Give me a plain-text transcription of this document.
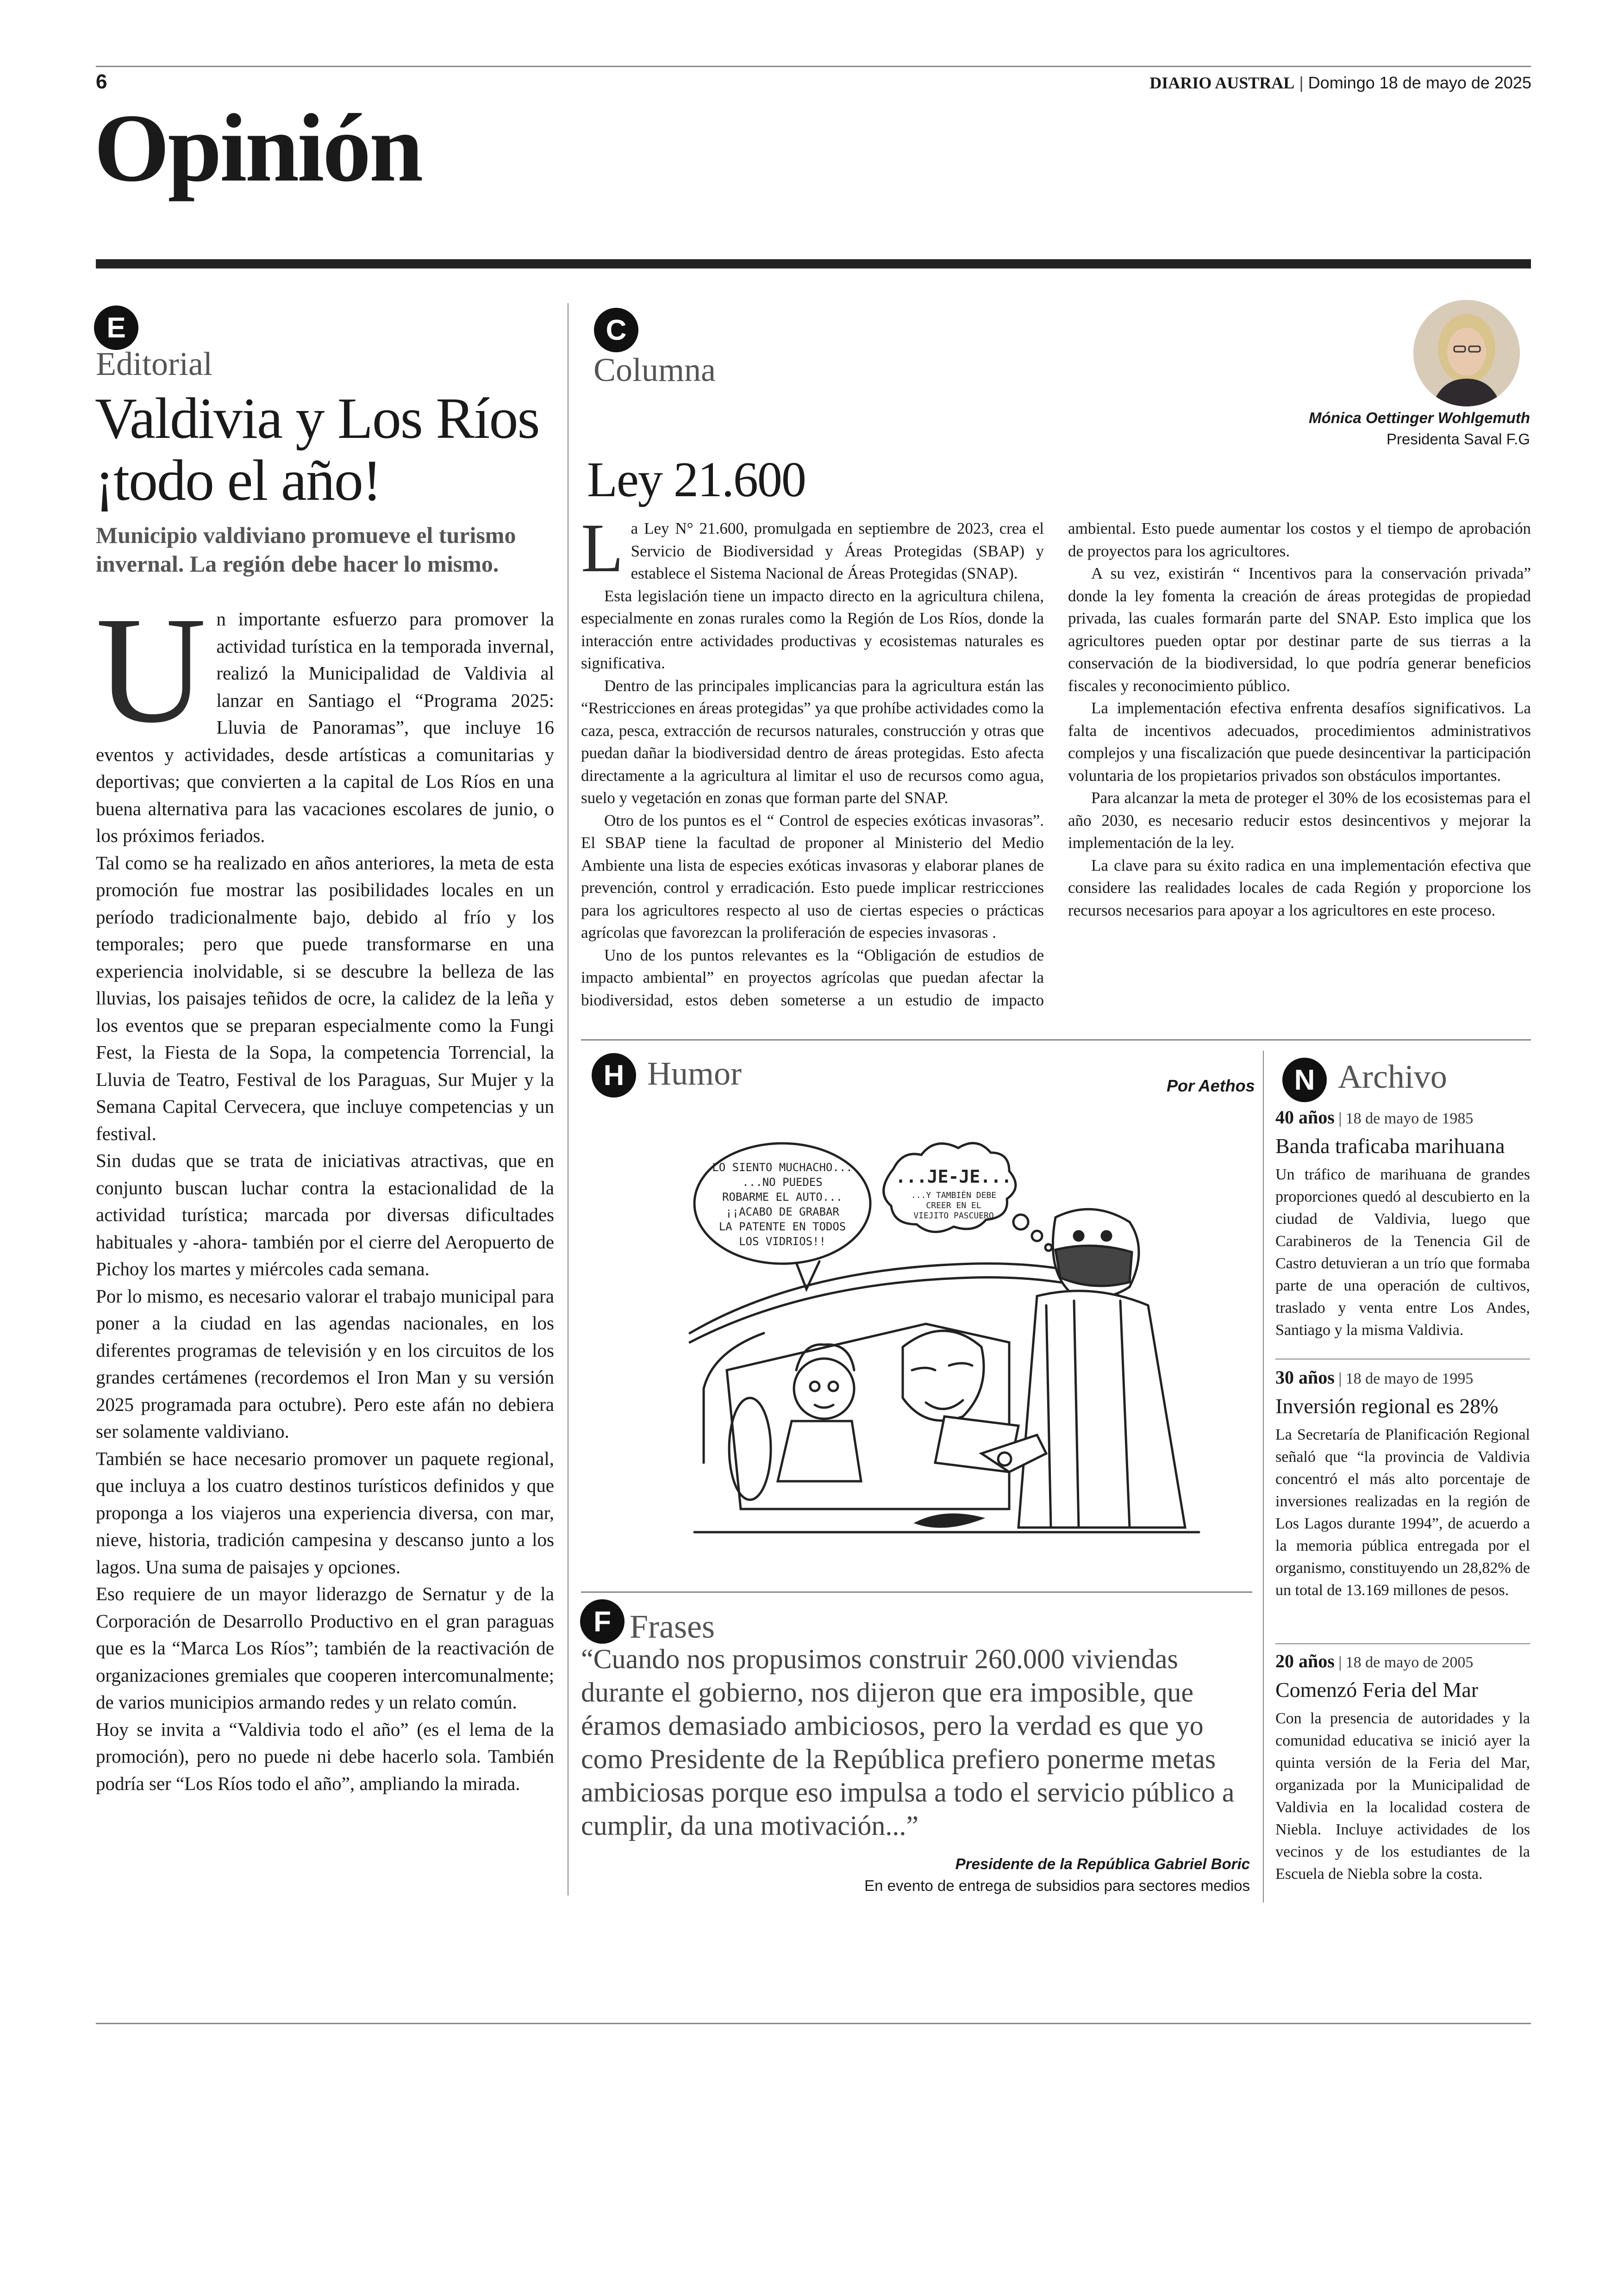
6	DIARIO AUSTRAL | Domingo 18 de mayo de 2025
Opinión
E
Editorial
Valdivia y Los Ríos
¡todo el año!
Municipio valdiviano promueve el turismo invernal. La región debe hacer lo mismo.
U n importante esfuerzo para promover la actividad turística en la temporada invernal, realizó la Municipalidad de Valdivia al lanzar en Santiago el “Programa 2025: Lluvia de Panoramas”, que incluye 16 eventos y actividades, desde artísticas a comunitarias y deportivas; que convierten a la capital de Los Ríos en una buena alternativa para las vacaciones escolares de junio, o los próximos feriados.

Tal como se ha realizado en años anteriores, la meta de esta promoción fue mostrar las posibilidades locales en un período tradicionalmente bajo, debido al frío y los temporales; pero que puede transformarse en una experiencia inolvidable, si se descubre la belleza de las lluvias, los paisajes teñidos de ocre, la calidez de la leña y los eventos que se preparan especialmente como la Fungi Fest, la Fiesta de la Sopa, la competencia Torrencial, la Lluvia de Teatro, Festival de los Paraguas, Sur Mujer y la Semana Capital Cervecera, que incluye competencias y un festival.

Sin dudas que se trata de iniciativas atractivas, que en conjunto buscan luchar contra la estacionalidad de la actividad turística; marcada por diversas dificultades habituales y -ahora- también por el cierre del Aeropuerto de Pichoy los martes y miércoles cada semana.

Por lo mismo, es necesario valorar el trabajo municipal para poner a la ciudad en las agendas nacionales, en los diferentes programas de televisión y en los circuitos de los grandes certámenes (recordemos el Iron Man y su versión 2025 programada para octubre). Pero este afán no debiera ser solamente valdiviano.

También se hace necesario promover un paquete regional, que incluya a los cuatro destinos turísticos definidos y que proponga a los viajeros una experiencia diversa, con mar, nieve, historia, tradición campesina y descanso junto a los lagos. Una suma de paisajes y opciones.

Eso requiere de un mayor liderazgo de Sernatur y de la Corporación de Desarrollo Productivo en el gran paraguas que es la “Marca Los Ríos”; también de la reactivación de organizaciones gremiales que cooperen intercomunalmente; de varios municipios armando redes y un relato común.

Hoy se invita a “Valdivia todo el año” (es el lema de la promoción), pero no puede ni debe hacerlo sola. También podría ser “Los Ríos todo el año”, ampliando la mirada.

C
Columna
Ley 21.600
Mónica Oettinger Wohlgemuth
Presidenta Saval F.G

La Ley N° 21.600, promulgada en septiembre de 2023, crea el Servicio de Biodiversidad y Áreas Protegidas (SBAP) y establece el Sistema Nacional de Áreas Protegidas (SNAP).

Esta legislación tiene un impacto directo en la agricultura chilena, especialmente en zonas rurales como la Región de Los Ríos, donde la interacción entre actividades productivas y ecosistemas naturales es significativa.

Dentro de las principales implicancias para la agricultura están las “Restricciones en áreas protegidas” ya que prohíbe actividades como la caza, pesca, extracción de recursos naturales, construcción y otras que puedan dañar la biodiversidad dentro de áreas protegidas. Esto afecta directamente a la agricultura al limitar el uso de recursos como agua, suelo y vegetación en zonas que forman parte del SNAP.

Otro de los puntos es el “ Control de especies exóticas invasoras”. El SBAP tiene la facultad de proponer al Ministerio del Medio Ambiente una lista de especies exóticas invasoras y elaborar planes de prevención, control y erradicación. Esto puede implicar restricciones para los agricultores respecto al uso de ciertas especies o prácticas agrícolas que favorezcan la proliferación de especies invasoras .

Uno de los puntos relevantes es la “Obligación de estudios de impacto ambiental” en proyectos agrícolas que puedan afectar la biodiversidad, estos deben someterse a un estudio de impacto ambiental. Esto puede aumentar los costos y el tiempo de aprobación de proyectos para los agricultores.

A su vez, existirán “ Incentivos para la conservación privada” donde la ley fomenta la creación de áreas protegidas de propiedad privada, las cuales formarán parte del SNAP. Esto implica que los agricultores pueden optar por destinar parte de sus tierras a la conservación de la biodiversidad, lo que podría generar beneficios fiscales y reconocimiento público.

La implementación efectiva enfrenta desafíos significativos. La falta de incentivos adecuados, procedimientos administrativos complejos y una fiscalización que puede desincentivar la participación voluntaria de los propietarios privados son obstáculos importantes.

Para alcanzar la meta de proteger el 30% de los ecosistemas para el año 2030, es necesario reducir estos desincentivos y mejorar la implementación de la ley.

La clave para su éxito radica en una implementación efectiva que considere las realidades locales de cada Región y proporcione los recursos necesarios para apoyar a los agricultores en este proceso.

H Humor	Por Aethos
LO SIENTO MUCHACHO...
...NO PUEDES
ROBARME EL AUTO...
¡¡ACABO DE GRABAR
LA PATENTE EN TODOS
LOS VIDRIOS!!
...JE-JE...
...Y TAMBIÉN DEBE
CREER EN EL
VIEJITO PASCUERO
F Frases
“Cuando nos propusimos construir 260.000 viviendas durante el gobierno, nos dijeron que era imposible, que éramos demasiado ambiciosos, pero la verdad es que yo como Presidente de la República prefiero ponerme metas ambiciosas porque eso impulsa a todo el servicio público a cumplir, da una motivación...”
Presidente de la República Gabriel Boric
En evento de entrega de subsidios para sectores medios
N Archivo
40 años | 18 de mayo de 1985
Banda traficaba marihuana
Un tráfico de marihuana de grandes proporciones quedó al descubierto en la ciudad de Valdivia, luego que Carabineros de la Tenencia Gil de Castro detuvieran a un trío que formaba parte de una operación de cultivos, traslado y venta entre Los Andes, Santiago y la misma Valdivia.
30 años | 18 de mayo de 1995
Inversión regional es 28%
La Secretaría de Planificación Regional señaló que “la provincia de Valdivia concentró el más alto porcentaje de inversiones realizadas en la región de Los Lagos durante 1994”, de acuerdo a la memoria pública entregada por el organismo, constituyendo un 28,82% de un total de 13.169 millones de pesos.
20 años | 18 de mayo de 2005
Comenzó Feria del Mar
Con la presencia de autoridades y la comunidad educativa se inició ayer la quinta versión de la Feria del Mar, organizada por la Municipalidad de Valdivia en la localidad costera de Niebla. Incluye actividades de los vecinos y de los estudiantes de la Escuela de Niebla sobre la costa.
